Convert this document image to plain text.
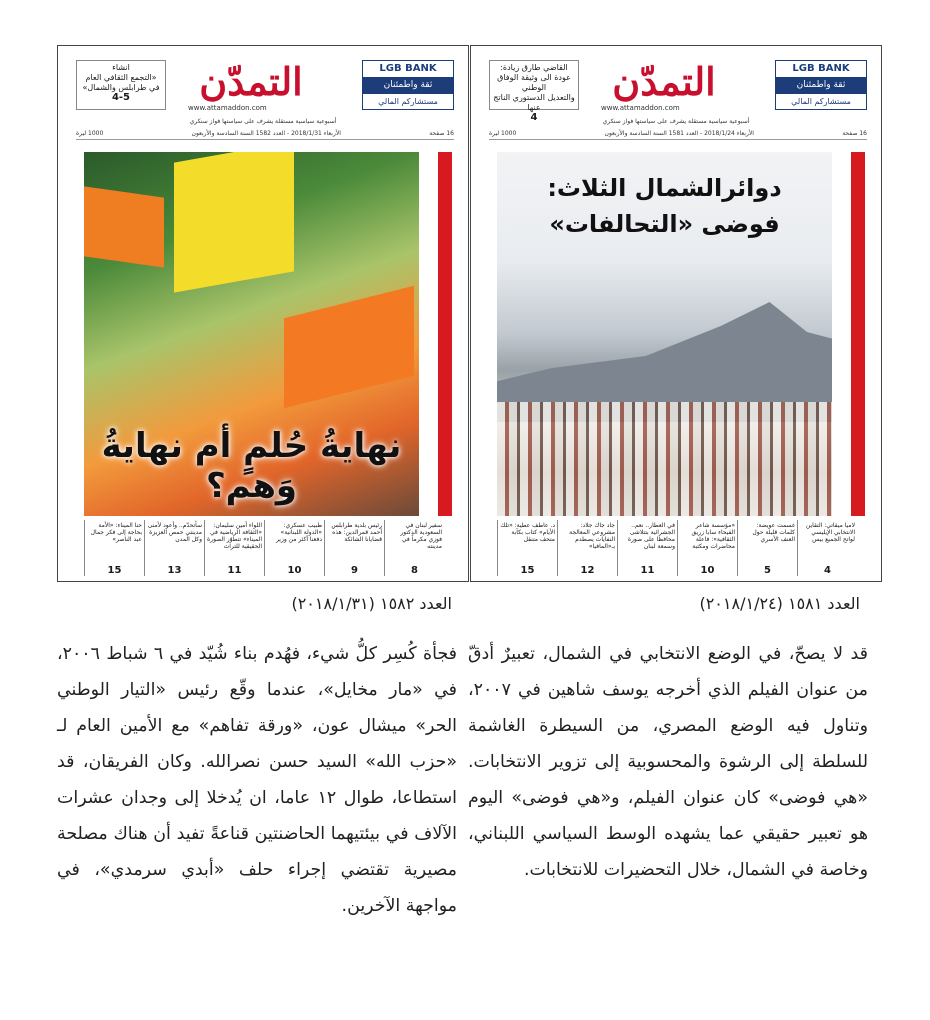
انشاء
«التجمع الثقافي العام
في طرابلس والشمال»
4-5	التمدّن
www.attamaddon.com
LGB BANK
ثقة واطمئنان
مستشاركم المالي
أسبوعية سياسية مستقلة يشرف على سياستها فواز سنكري
16 صفحة
الأربعاء 2018/1/31 - العدد 1582 السنة السادسة والأربعون
1000 ليرة
نهايةُ حُلمٍ أم نهايةُ وَهم؟
سفير لبنان في السعودية الدكتور فوزي مكرماً في مدينته
8
رئيس بلدية طرابلس أحمد قمرالدين: هذه قضايانا الشائكة
9
طبيب عسكري: «الدولة اللبنانية» دفعنا أكثر من وزير
10
اللواء أمين سليمان: «الثقافة الرياضية في الميناء» تتطوّر الصورة الحقيقية للتراث
11
سأتحدّم.. وأعود لأمنى مدينتي حمص العزيزة وكل المدن
13
حنا الميناء: «الأمة بحاجة إلى فكر جمال عبد الناصر»
15
القاضي طارق زيادة:
عودة الى وثيقة الوفاق الوطني
والتعديل الدستوري الناتج عنها
4
التمدّن
www.attamaddon.com
LGB BANK
ثقة واطمئنان
مستشاركم المالي
أسبوعية سياسية مستقلة يشرف على سياستها فواز سنكري
16 صفحة
الأربعاء 2018/1/24 - العدد 1581 السنة السادسة والأربعون
1000 ليرة
دوائرالشمال الثلاث:
فوضى «التحالفات»
لاميا ميقاتي: التقاين الانتخابي الإيليسي لواتح الجميع بيس
4
غسمت عويضة: كلمات قليلة حول العنف الأسري
5
«مؤسسة شاعر الفيحاء سابا زريق الثقافية»: فاعلة محاضرات ومكتبة
10
في العطار.. نعم.. الجشرائية بتتلاشى محافظا على صورة وسمعة لبنان
11
جاد جاك جلاد: مشروعي المعالجة النفايات يصطدم بـ«المافيا»
12
د. عاطف عطية: «تلك الأيام» كتاب بكآبة متحف متنقل
15
العدد ١٥٨٢ (٢٠١٨/١/٣١)	العدد ١٥٨١ (٢٠١٨/١/٢٤)
قد لا يصحّ، في الوضع الانتخابي في الشمال، تعبيرٌ أدقّ من عنوان الفيلم الذي أخرجه يوسف شاهين في ٢٠٠٧، وتناول فيه الوضع المصري، من السيطرة الغاشمة للسلطة إلى الرشوة والمحسوبية إلى تزوير الانتخابات. «هي فوضى» كان عنوان الفيلم، و«هي فوضى» اليوم هو تعبير حقيقي عما يشهده الوسط السياسي اللبناني، وخاصة في الشمال، خلال التحضيرات للانتخابات.
فجأة كُسِر كلُّ شيء، فهُدم بناء شُيّد في ٦ شباط ٢٠٠٦، في «مار مخايل»، عندما وقّع رئيس «التيار الوطني الحر» ميشال عون، «ورقة تفاهم» مع الأمين العام لـ «حزب الله» السيد حسن نصرالله. وكان الفريقان، قد استطاعا، طوال ١٢ عاما، ان يُدخلا إلى وجدان عشرات الآلاف في بيئتيهما الحاضنتين قناعةً تفيد أن هناك مصلحة مصيرية تقتضي إجراء حلف «أبدي سرمدي»، في مواجهة الآخرين.
